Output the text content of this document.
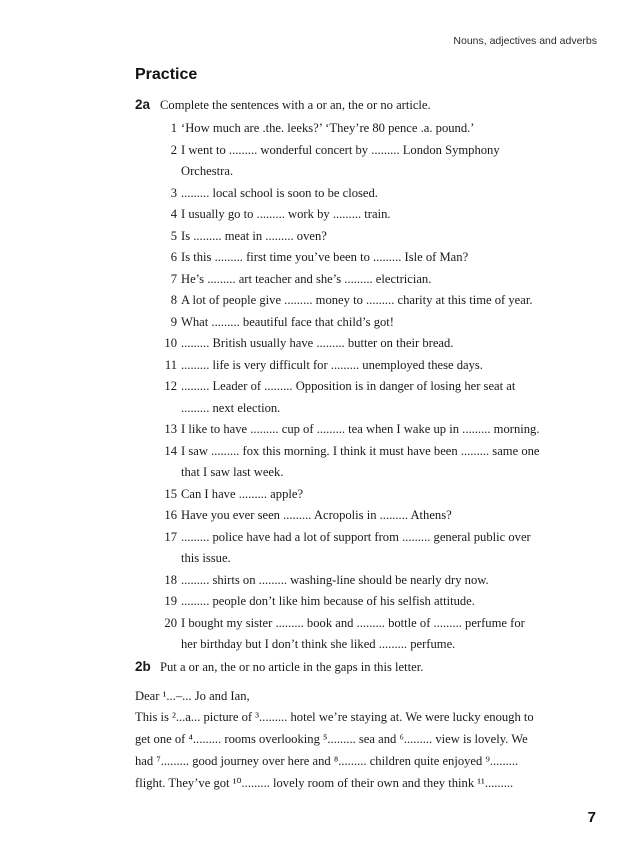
Nouns, adjectives and adverbs
Practice
2a Complete the sentences with a or an, the or no article.
1 ‘How much are .the. leeks?’ ‘They’re 80 pence .a. pound.’
2 I went to ......... wonderful concert by ......... London Symphony
Orchestra.
3 ......... local school is soon to be closed.
4 I usually go to ......... work by ......... train.
5 Is ......... meat in ......... oven?
6 Is this ......... first time you’ve been to ......... Isle of Man?
7 He’s ......... art teacher and she’s ......... electrician.
8 A lot of people give ......... money to ......... charity at this time of year.
9 What ......... beautiful face that child’s got!
10 ......... British usually have ......... butter on their bread.
11 ......... life is very difficult for ......... unemployed these days.
12 ......... Leader of ......... Opposition is in danger of losing her seat at
......... next election.
13 I like to have ......... cup of ......... tea when I wake up in ......... morning.
14 I saw ......... fox this morning. I think it must have been ......... same one
that I saw last week.
15 Can I have ......... apple?
16 Have you ever seen ......... Acropolis in ......... Athens?
17 ......... police have had a lot of support from ......... general public over
this issue.
18 ......... shirts on ......... washing-line should be nearly dry now.
19 ......... people don’t like him because of his selfish attitude.
20 I bought my sister ......... book and ......... bottle of ......... perfume for
her birthday but I don’t think she liked ......... perfume.
2b Put a or an, the or no article in the gaps in this letter.
Dear ¹...–... Jo and Ian,
This is ²...a... picture of ³......... hotel we’re staying at. We were lucky enough to
get one of ⁴......... rooms overlooking ⁵......... sea and ⁶......... view is lovely. We
had ⁷......... good journey over here and ⁸......... children quite enjoyed ⁹.........
flight. They’ve got ¹⁰......... lovely room of their own and they think ¹¹.........
7
